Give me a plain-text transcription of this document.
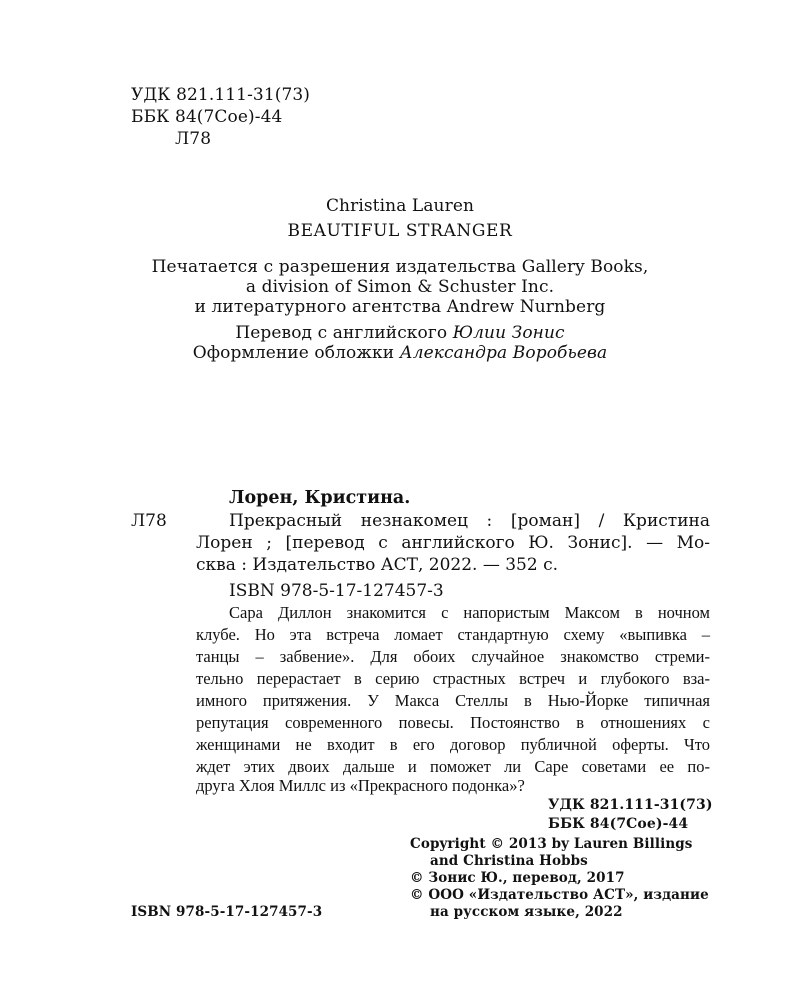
УДК 821.111-31(73)
ББК 84(7Сое)-44
Л78
Christina Lauren
BEAUTIFUL STRANGER
Печатается с разрешения издательства Gallery Books,
a division of Simon & Schuster Inc.
и литературного агентства Andrew Nurnberg
Перевод с английского Юлии Зонис
Оформление обложки Александра Воробьева
Лорен, Кристина.
Л78	Прекрасный незнакомец : [роман] / Кристина
Лорен ; [перевод с английского Ю. Зонис]. — Мо-
сква : Издательство АСТ, 2022. — 352 с.
ISBN 978-5-17-127457-3
Сара Диллон знакомится с напористым Максом в ночном
клубе. Но эта встреча ломает стандартную схему «выпивка –
танцы – забвение». Для обоих случайное знакомство стреми-
тельно перерастает в серию страстных встреч и глубокого вза-
имного притяжения. У Макса Стеллы в Нью-Йорке типичная
репутация современного повесы. Постоянство в отношениях с
женщинами не входит в его договор публичной оферты. Что
ждет этих двоих дальше и поможет ли Саре советами ее по-
другa Хлоя Миллс из «Прекрасного подонка»?
УДК 821.111-31(73)
ББК 84(7Сое)-44
ISBN 978-5-17-127457-3
Copyright © 2013 by Lauren Billings
and Christina Hobbs
© Зонис Ю., перевод, 2017
© ООО «Издательство АСТ», издание
на русском языке, 2022
